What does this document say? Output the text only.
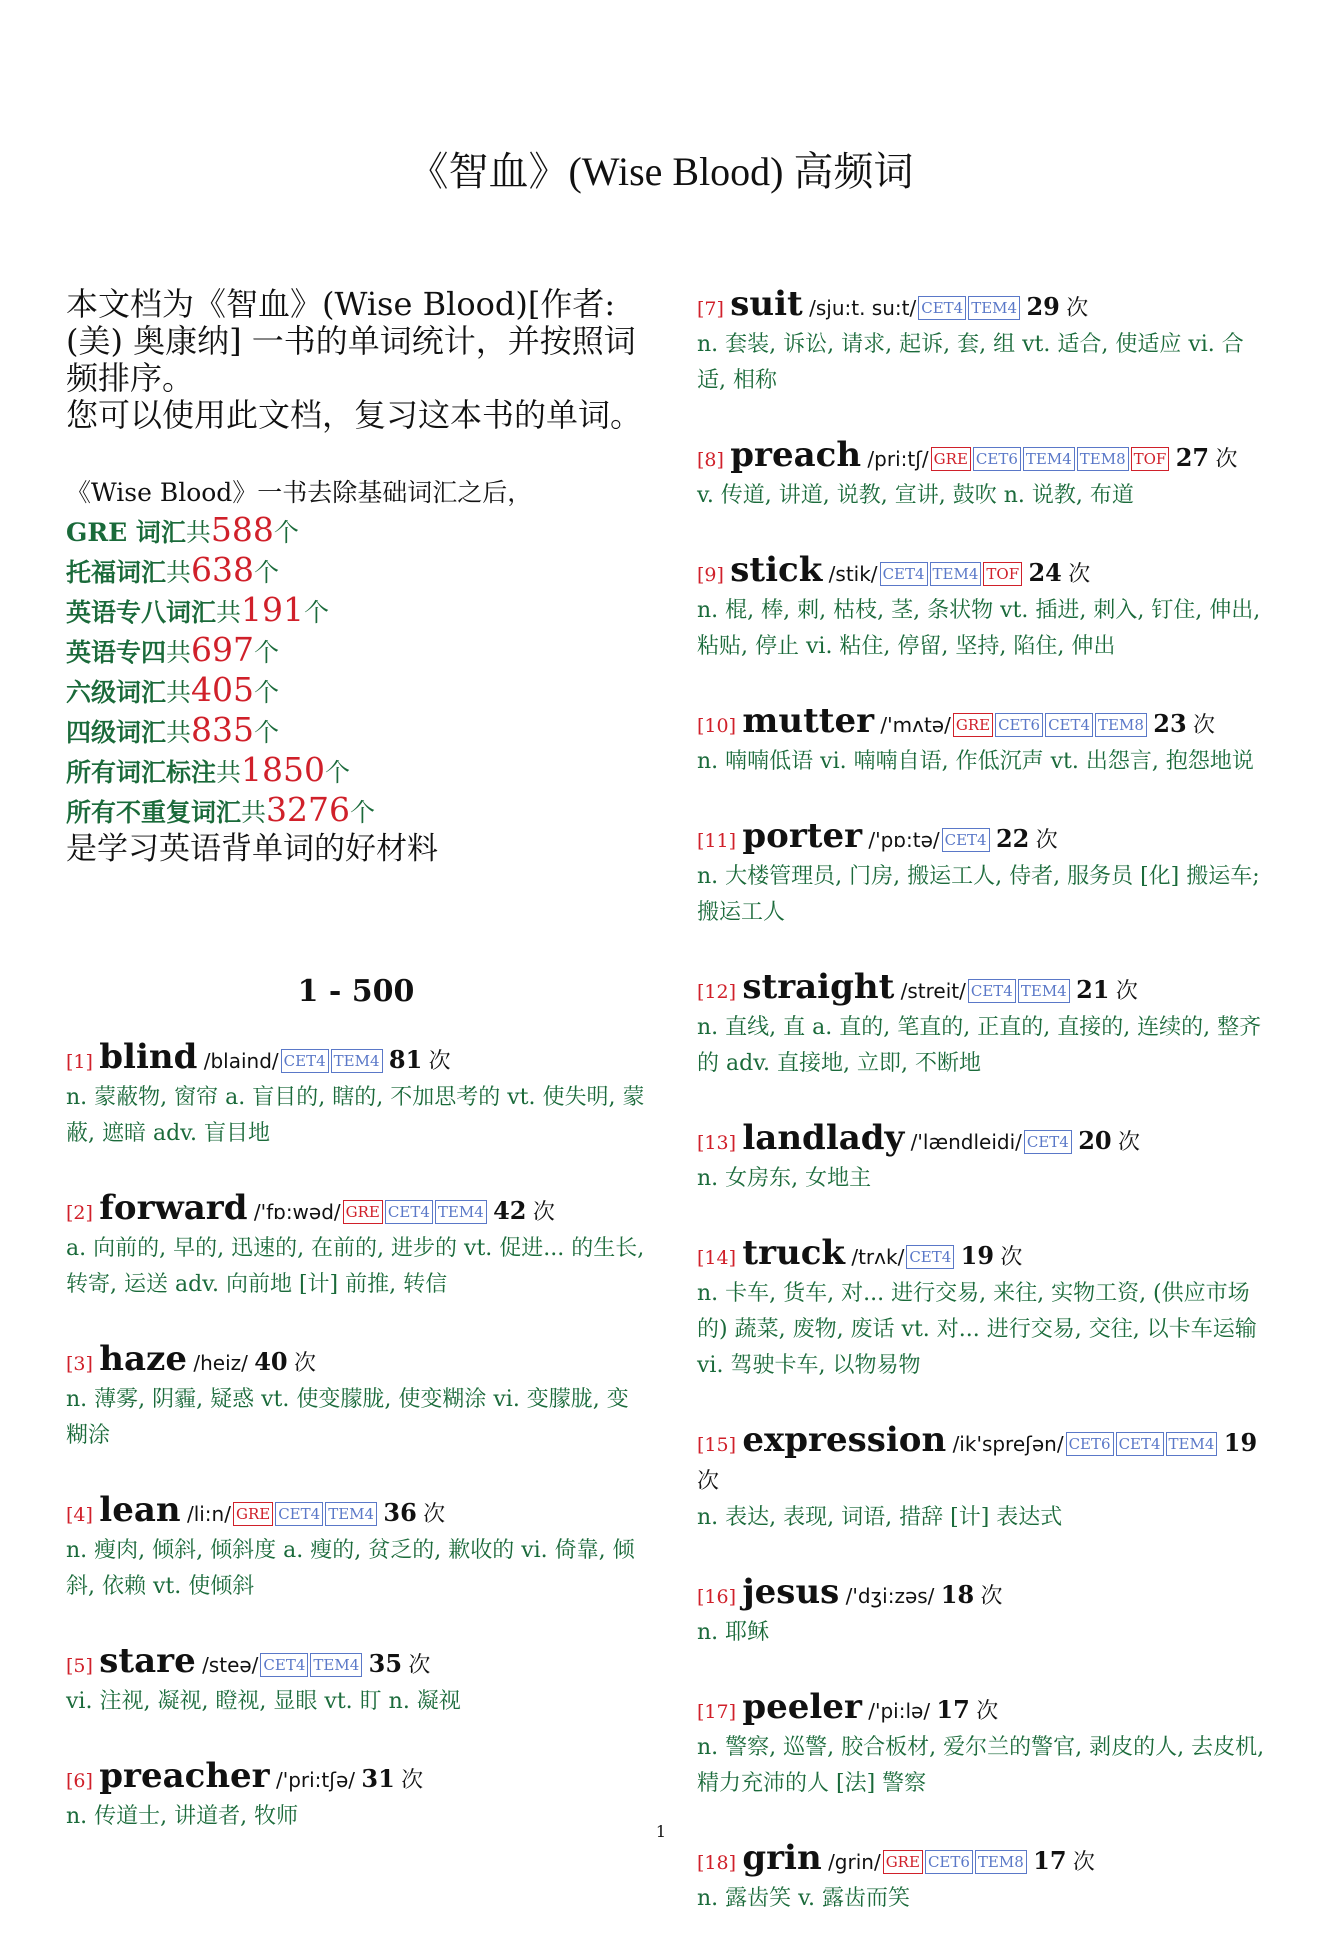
《智血》(Wise Blood) 高频词
本文档为《智血》(Wise Blood)[作者: (美) 奥康纳] 一书的单词统计，并按照词频排序。
您可以使用此文档，复习这本书的单词。
《Wise Blood》一书去除基础词汇之后，
GRE 词汇共588个
托福词汇共638个
英语专八词汇共191个
英语专四共697个
六级词汇共405个
四级词汇共835个
所有词汇标注共1850个
所有不重复词汇共3276个
是学习英语背单词的好材料
1 - 500
[1] blind /blaind/ CET4 TEM4 81 次
n. 蒙蔽物, 窗帘 a. 盲目的, 瞎的, 不加思考的 vt. 使失明, 蒙蔽, 遮暗 adv. 盲目地
[2] forward /'fɒ:wəd/ GRE CET4 TEM4 42 次
a. 向前的, 早的, 迅速的, 在前的, 进步的 vt. 促进... 的生长, 转寄, 运送 adv. 向前地 [计] 前推, 转信
[3] haze /heiz/ 40 次
n. 薄雾, 阴霾, 疑惑 vt. 使变朦胧, 使变糊涂 vi. 变朦胧, 变糊涂
[4] lean /li:n/ GRE CET4 TEM4 36 次
n. 瘦肉, 倾斜, 倾斜度 a. 瘦的, 贫乏的, 歉收的 vi. 倚靠, 倾斜, 依赖 vt. 使倾斜
[5] stare /steə/ CET4 TEM4 35 次
vi. 注视, 凝视, 瞪视, 显眼 vt. 盯 n. 凝视
[6] preacher /'pri:tʃə/ 31 次
n. 传道士, 讲道者, 牧师
[7] suit /sju:t. su:t/ CET4 TEM4 29 次
n. 套装, 诉讼, 请求, 起诉, 套, 组 vt. 适合, 使适应 vi. 合适, 相称
[8] preach /pri:tʃ/ GRE CET6 TEM4 TEM8 TOF 27 次
v. 传道, 讲道, 说教, 宣讲, 鼓吹 n. 说教, 布道
[9] stick /stik/ CET4 TEM4 TOF 24 次
n. 棍, 棒, 刺, 枯枝, 茎, 条状物 vt. 插进, 刺入, 钉住, 伸出, 粘贴, 停止 vi. 粘住, 停留, 坚持, 陷住, 伸出
[10] mutter /'mʌtə/ GRE CET6 CET4 TEM8 23 次
n. 喃喃低语 vi. 喃喃自语, 作低沉声 vt. 出怨言, 抱怨地说
[11] porter /'pɒ:tə/ CET4 22 次
n. 大楼管理员, 门房, 搬运工人, 侍者, 服务员 [化] 搬运车; 搬运工人
[12] straight /streit/ CET4 TEM4 21 次
n. 直线, 直 a. 直的, 笔直的, 正直的, 直接的, 连续的, 整齐的 adv. 直接地, 立即, 不断地
[13] landlady /'lændleidi/ CET4 20 次
n. 女房东, 女地主
[14] truck /trʌk/ CET4 19 次
n. 卡车, 货车, 对... 进行交易, 来往, 实物工资, (供应市场的) 蔬菜, 废物, 废话 vt. 对... 进行交易, 交往, 以卡车运输 vi. 驾驶卡车, 以物易物
[15] expression /ik'spreʃən/ CET6 CET4 TEM4 19 次
n. 表达, 表现, 词语, 措辞 [计] 表达式
[16] jesus /'dʒi:zəs/ 18 次
n. 耶稣
[17] peeler /'pi:lə/ 17 次
n. 警察, 巡警, 胶合板材, 爱尔兰的警官, 剥皮的人, 去皮机, 精力充沛的人 [法] 警察
[18] grin /grin/ GRE CET6 TEM8 17 次
n. 露齿笑 v. 露齿而笑
1
